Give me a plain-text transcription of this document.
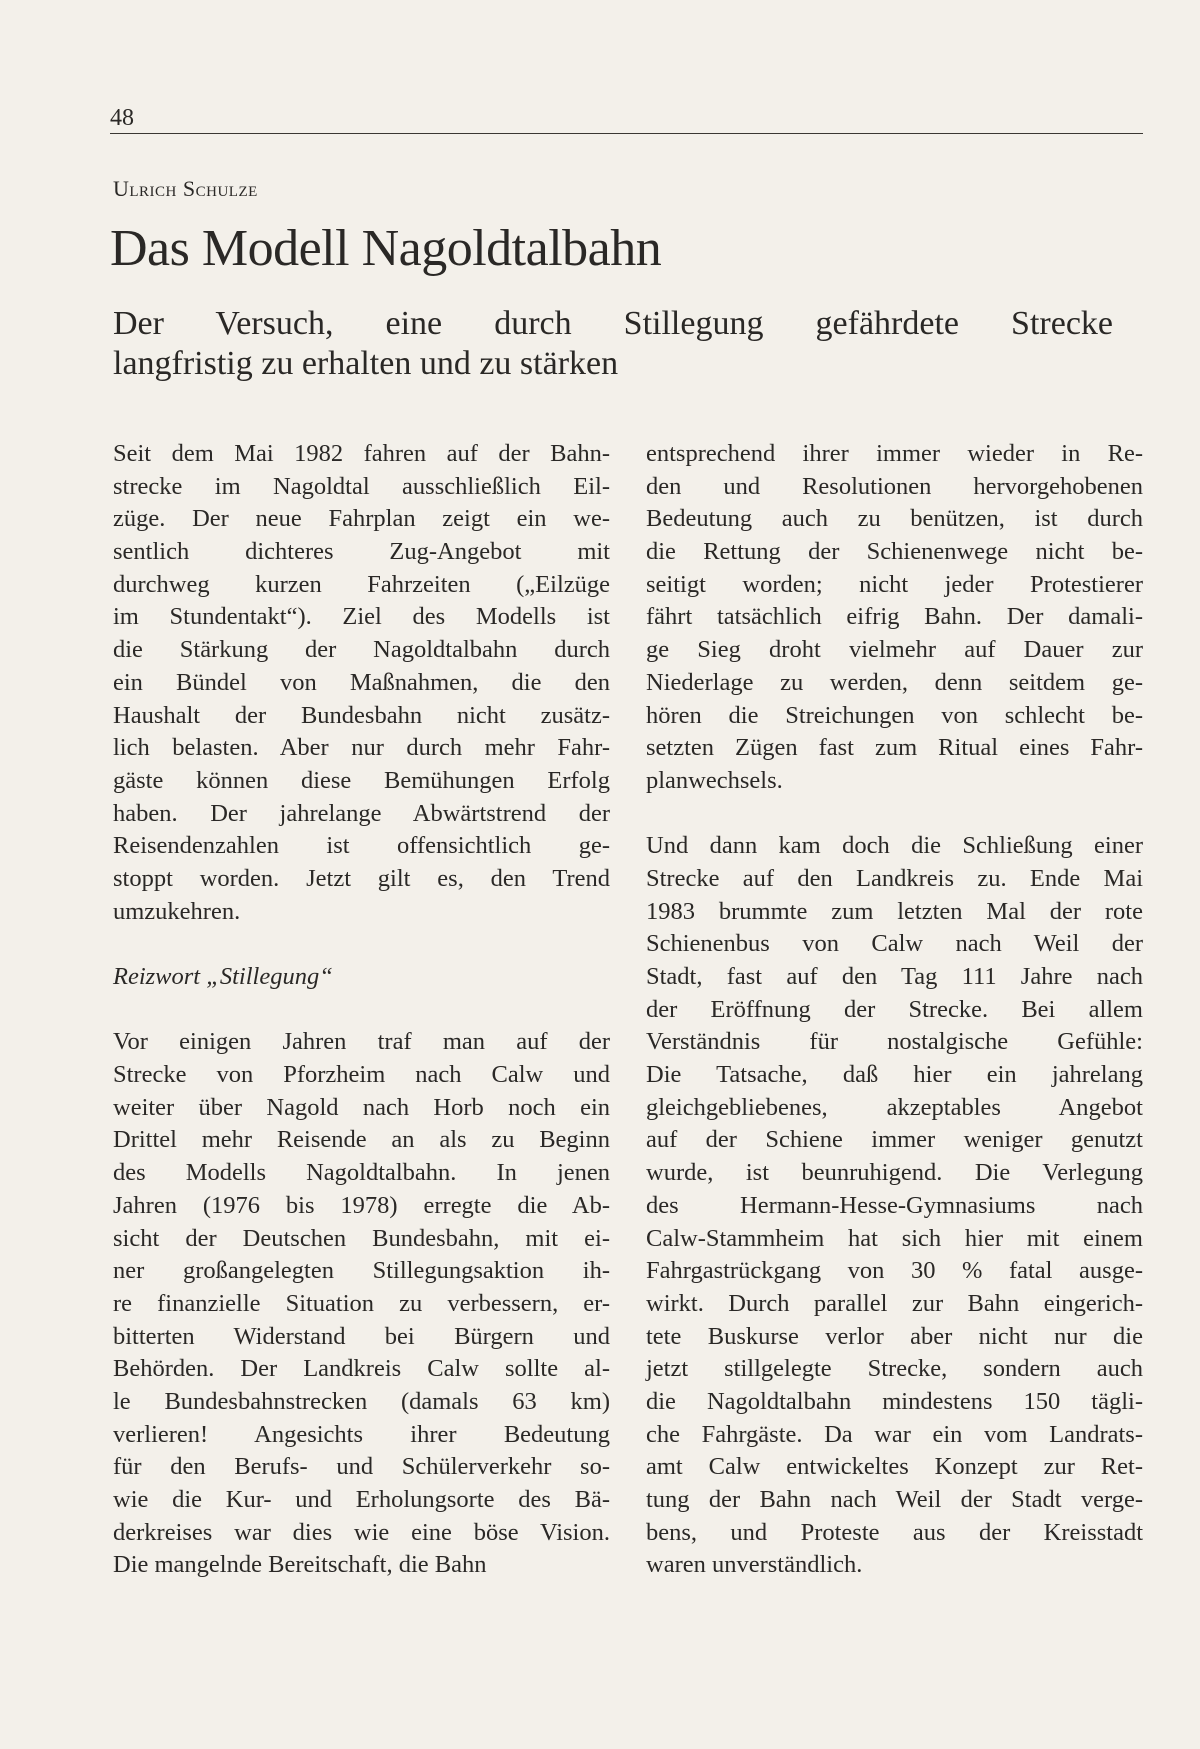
48
Ulrich Schulze
Das Modell Nagoldtalbahn
Der Versuch, eine durch Stillegung gefährdete Strecke
langfristig zu erhalten und zu stärken
Seit dem Mai 1982 fahren auf der Bahn-
strecke im Nagoldtal ausschließlich Eil-
züge. Der neue Fahrplan zeigt ein we-
sentlich dichteres Zug-Angebot mit
durchweg kurzen Fahrzeiten („Eilzüge
im Stundentakt“). Ziel des Modells ist
die Stärkung der Nagoldtalbahn durch
ein Bündel von Maßnahmen, die den
Haushalt der Bundesbahn nicht zusätz-
lich belasten. Aber nur durch mehr Fahr-
gäste können diese Bemühungen Erfolg
haben. Der jahrelange Abwärtstrend der
Reisendenzahlen ist offensichtlich ge-
stoppt worden. Jetzt gilt es, den Trend
umzukehren.
Reizwort „Stillegung“
Vor einigen Jahren traf man auf der
Strecke von Pforzheim nach Calw und
weiter über Nagold nach Horb noch ein
Drittel mehr Reisende an als zu Beginn
des Modells Nagoldtalbahn. In jenen
Jahren (1976 bis 1978) erregte die Ab-
sicht der Deutschen Bundesbahn, mit ei-
ner großangelegten Stillegungsaktion ih-
re finanzielle Situation zu verbessern, er-
bitterten Widerstand bei Bürgern und
Behörden. Der Landkreis Calw sollte al-
le Bundesbahnstrecken (damals 63 km)
verlieren! Angesichts ihrer Bedeutung
für den Berufs- und Schülerverkehr so-
wie die Kur- und Erholungsorte des Bä-
derkreises war dies wie eine böse Vision.
Die mangelnde Bereitschaft, die Bahn
entsprechend ihrer immer wieder in Re-
den und Resolutionen hervorgehobenen
Bedeutung auch zu benützen, ist durch
die Rettung der Schienenwege nicht be-
seitigt worden; nicht jeder Protestierer
fährt tatsächlich eifrig Bahn. Der damali-
ge Sieg droht vielmehr auf Dauer zur
Niederlage zu werden, denn seitdem ge-
hören die Streichungen von schlecht be-
setzten Zügen fast zum Ritual eines Fahr-
planwechsels.
Und dann kam doch die Schließung einer
Strecke auf den Landkreis zu. Ende Mai
1983 brummte zum letzten Mal der rote
Schienenbus von Calw nach Weil der
Stadt, fast auf den Tag 111 Jahre nach
der Eröffnung der Strecke. Bei allem
Verständnis für nostalgische Gefühle:
Die Tatsache, daß hier ein jahrelang
gleichgebliebenes, akzeptables Angebot
auf der Schiene immer weniger genutzt
wurde, ist beunruhigend. Die Verlegung
des Hermann-Hesse-Gymnasiums nach
Calw-Stammheim hat sich hier mit einem
Fahrgastrückgang von 30 % fatal ausge-
wirkt. Durch parallel zur Bahn eingerich-
tete Buskurse verlor aber nicht nur die
jetzt stillgelegte Strecke, sondern auch
die Nagoldtalbahn mindestens 150 tägli-
che Fahrgäste. Da war ein vom Landrats-
amt Calw entwickeltes Konzept zur Ret-
tung der Bahn nach Weil der Stadt verge-
bens, und Proteste aus der Kreisstadt
waren unverständlich.
